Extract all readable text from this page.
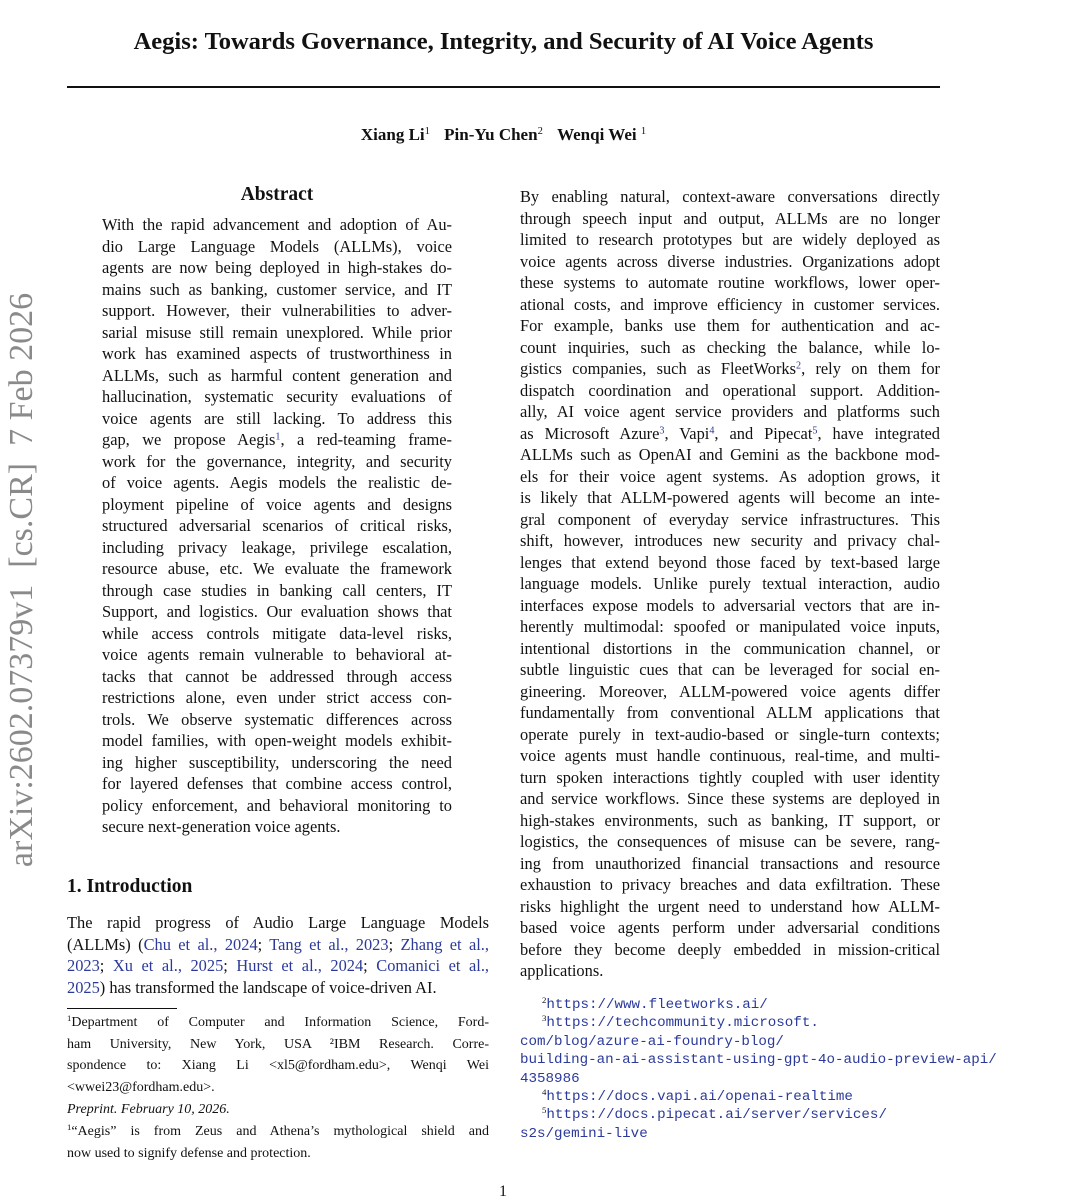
Aegis: Towards Governance, Integrity, and Security of AI Voice Agents
Xiang Li$^1$ Pin-Yu Chen$^2$ Wenqi Wei $^1$
arXiv:2602.07379v1  [cs.CR]  7 Feb 2026
Abstract
With the rapid advancement and adoption of Au-
dio Large Language Models (ALLMs), voice
agents are now being deployed in high-stakes do-
mains such as banking, customer service, and IT
support. However, their vulnerabilities to adver-
sarial misuse still remain unexplored. While prior
work has examined aspects of trustworthiness in
ALLMs, such as harmful content generation and
hallucination, systematic security evaluations of
voice agents are still lacking. To address this
gap, we propose Aegis$^1$, a red-teaming frame-
work for the governance, integrity, and security
of voice agents. Aegis models the realistic de-
ployment pipeline of voice agents and designs
structured adversarial scenarios of critical risks,
including privacy leakage, privilege escalation,
resource abuse, etc. We evaluate the framework
through case studies in banking call centers, IT
Support, and logistics. Our evaluation shows that
while access controls mitigate data-level risks,
voice agents remain vulnerable to behavioral at-
tacks that cannot be addressed through access
restrictions alone, even under strict access con-
trols. We observe systematic differences across
model families, with open-weight models exhibit-
ing higher susceptibility, underscoring the need
for layered defenses that combine access control,
policy enforcement, and behavioral monitoring to
secure next-generation voice agents.
1. Introduction
The rapid progress of Audio Large Language Models
(ALLMs) (Chu et al., 2024; Tang et al., 2023; Zhang et al.,
2023; Xu et al., 2025; Hurst et al., 2024; Comanici et al.,
2025) has transformed the landscape of voice-driven AI.
By enabling natural, context-aware conversations directly
through speech input and output, ALLMs are no longer
limited to research prototypes but are widely deployed as
voice agents across diverse industries. Organizations adopt
these systems to automate routine workflows, lower oper-
ational costs, and improve efficiency in customer services.
For example, banks use them for authentication and ac-
count inquiries, such as checking the balance, while lo-
gistics companies, such as FleetWorks$^2$, rely on them for
dispatch coordination and operational support. Addition-
ally, AI voice agent service providers and platforms such
as Microsoft Azure$^3$, Vapi$^4$, and Pipecat$^5$, have integrated
ALLMs such as OpenAI and Gemini as the backbone mod-
els for their voice agent systems. As adoption grows, it
is likely that ALLM-powered agents will become an inte-
gral component of everyday service infrastructures. This
shift, however, introduces new security and privacy chal-
lenges that extend beyond those faced by text-based large
language models. Unlike purely textual interaction, audio
interfaces expose models to adversarial vectors that are in-
herently multimodal: spoofed or manipulated voice inputs,
intentional distortions in the communication channel, or
subtle linguistic cues that can be leveraged for social en-
gineering. Moreover, ALLM-powered voice agents differ
fundamentally from conventional ALLM applications that
operate purely in text-audio-based or single-turn contexts;
voice agents must handle continuous, real-time, and multi-
turn spoken interactions tightly coupled with user identity
and service workflows. Since these systems are deployed in
high-stakes environments, such as banking, IT support, or
logistics, the consequences of misuse can be severe, rang-
ing from unauthorized financial transactions and resource
exhaustion to privacy breaches and data exfiltration. These
risks highlight the urgent need to understand how ALLM-
based voice agents perform under adversarial conditions
before they become deeply embedded in mission-critical
applications.
$^1$Department of Computer and Information Science, Ford-
ham University, New York, USA ²IBM Research. Corre-
spondence to: Xiang Li <xl5@fordham.edu>, Wenqi Wei
<wwei23@fordham.edu>.
Preprint. February 10, 2026.
$^1$“Aegis” is from Zeus and Athena’s mythological shield and
now used to signify defense and protection.
$^2$https://www.fleetworks.ai/
$^3$https://techcommunity.microsoft.
com/blog/azure-ai-foundry-blog/
building-an-ai-assistant-using-gpt-4o-audio-preview-api/
4358986
$^4$https://docs.vapi.ai/openai-realtime
$^5$https://docs.pipecat.ai/server/services/
s2s/gemini-live
1
